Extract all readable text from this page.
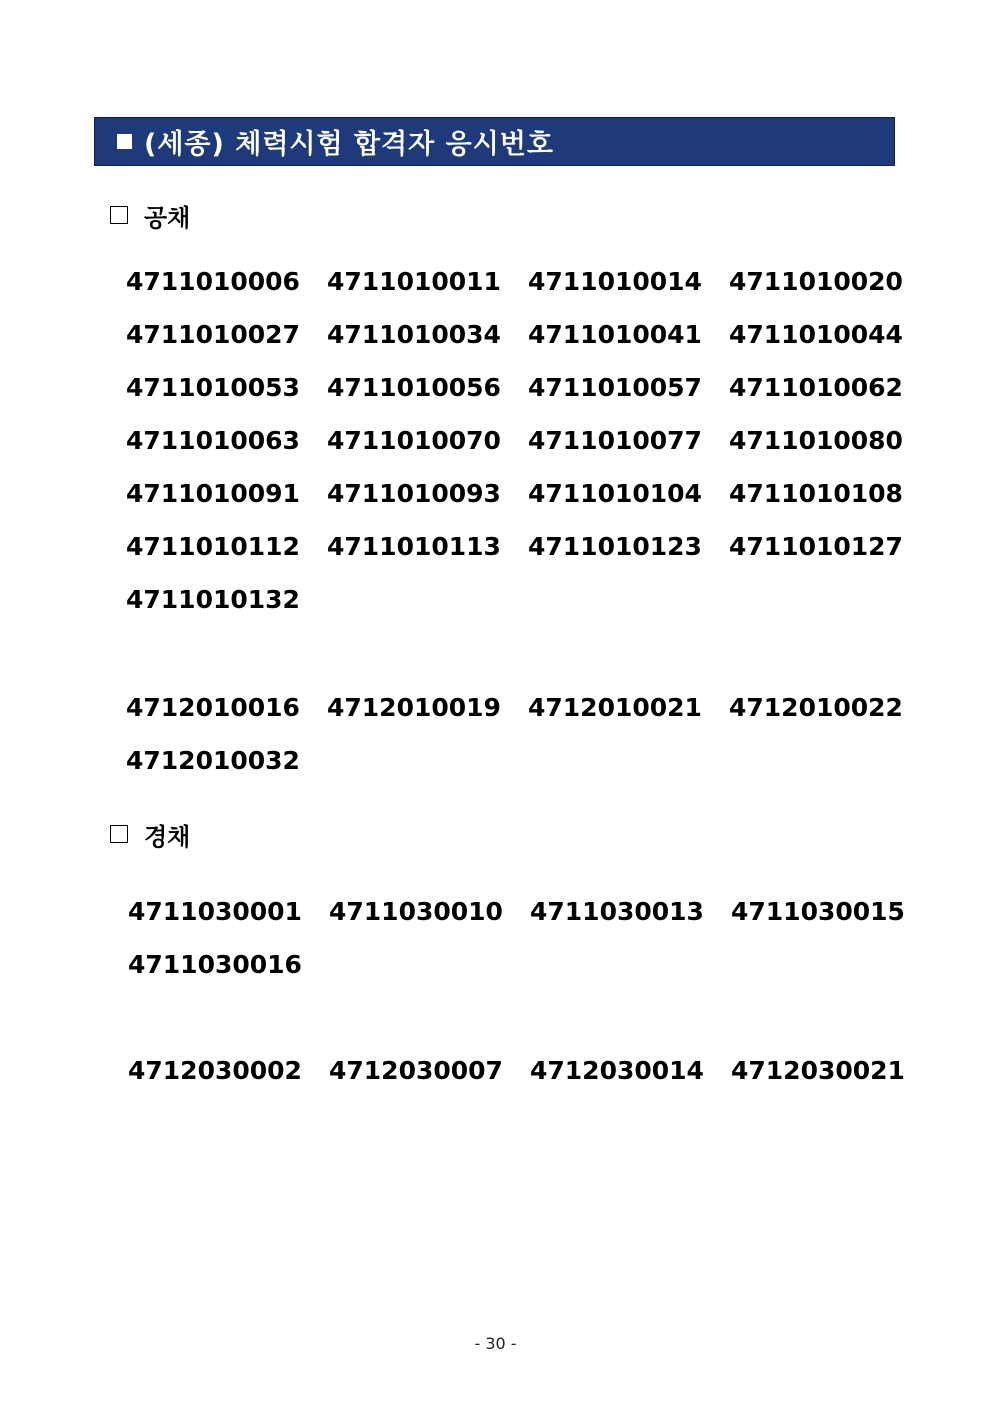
(세종) 체력시험 합격자 응시번호
공채
4711010006	4711010011	4711010014	4711010020
4711010027	4711010034	4711010041	4711010044
4711010053	4711010056	4711010057	4711010062
4711010063	4711010070	4711010077	4711010080
4711010091	4711010093	4711010104	4711010108
4711010112	4711010113	4711010123	4711010127
4711010132
4712010016	4712010019	4712010021	4712010022
4712010032
경채
4711030001	4711030010	4711030013	4711030015
4711030016
4712030002	4712030007	4712030014	4712030021
- 30 -
